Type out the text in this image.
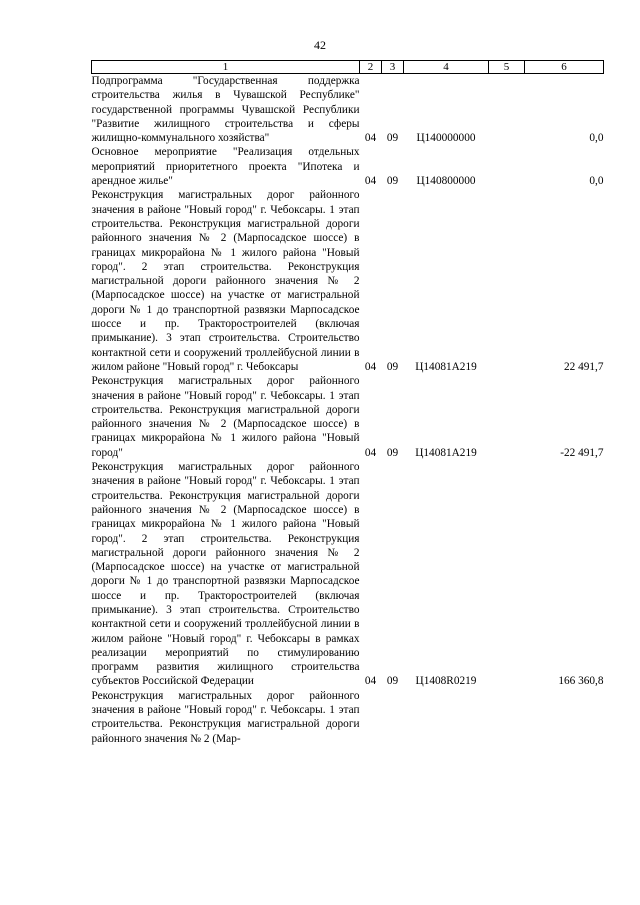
42
1	2	3	4	5	6
Подпрограмма "Государственная поддержка строительства жилья в Чувашской Республике" государственной программы Чувашской Республики "Развитие жилищного строительства и сферы жилищно-коммунального хозяйства"	04	09	Ц140000000		0,0
Основное мероприятие "Реализация отдельных мероприятий приоритетного проекта "Ипотека и арендное жилье"	04	09	Ц140800000		0,0
Реконструкция магистральных дорог районного значения в районе "Новый город" г. Чебоксары. 1 этап строительства. Реконструкция магистральной дороги районного значения № 2 (Марпосадское шоссе) в границах микрорайона № 1 жилого района "Новый город". 2 этап строительства. Реконструкция магистральной дороги районного значения № 2 (Марпосадское шоссе) на участке от магистральной дороги № 1 до транспортной развязки Марпосадское шоссе и пр. Тракторостроителей (включая примыкание). 3 этап строительства. Строительство контактной сети и сооружений троллейбусной линии в жилом районе "Новый город" г. Чебоксары	04	09	Ц14081А219		22 491,7
Реконструкция магистральных дорог районного значения в районе "Новый город" г. Чебоксары. 1 этап строительства. Реконструкция магистральной дороги районного значения № 2 (Марпосадское шоссе) в границах микрорайона № 1 жилого района "Новый город"	04	09	Ц14081А219		-22 491,7
Реконструкция магистральных дорог районного значения в районе "Новый город" г. Чебоксары. 1 этап строительства. Реконструкция магистральной дороги районного значения № 2 (Марпосадское шоссе) в границах микрорайона № 1 жилого района "Новый город". 2 этап строительства. Реконструкция магистральной дороги районного значения № 2 (Марпосадское шоссе) на участке от магистральной дороги № 1 до транспортной развязки Марпосадское шоссе и пр. Тракторостроителей (включая примыкание). 3 этап строительства. Строительство контактной сети и сооружений троллейбусной линии в жилом районе "Новый город" г. Чебоксары в рамках реализации мероприятий по стимулированию программ развития жилищного строительства субъектов Российской Федерации	04	09	Ц1408R0219		166 360,8
Реконструкция магистральных дорог районного значения в районе "Новый город" г. Чебоксары. 1 этап строительства. Реконструкция магистральной дороги районного значения № 2 (Мар-					
